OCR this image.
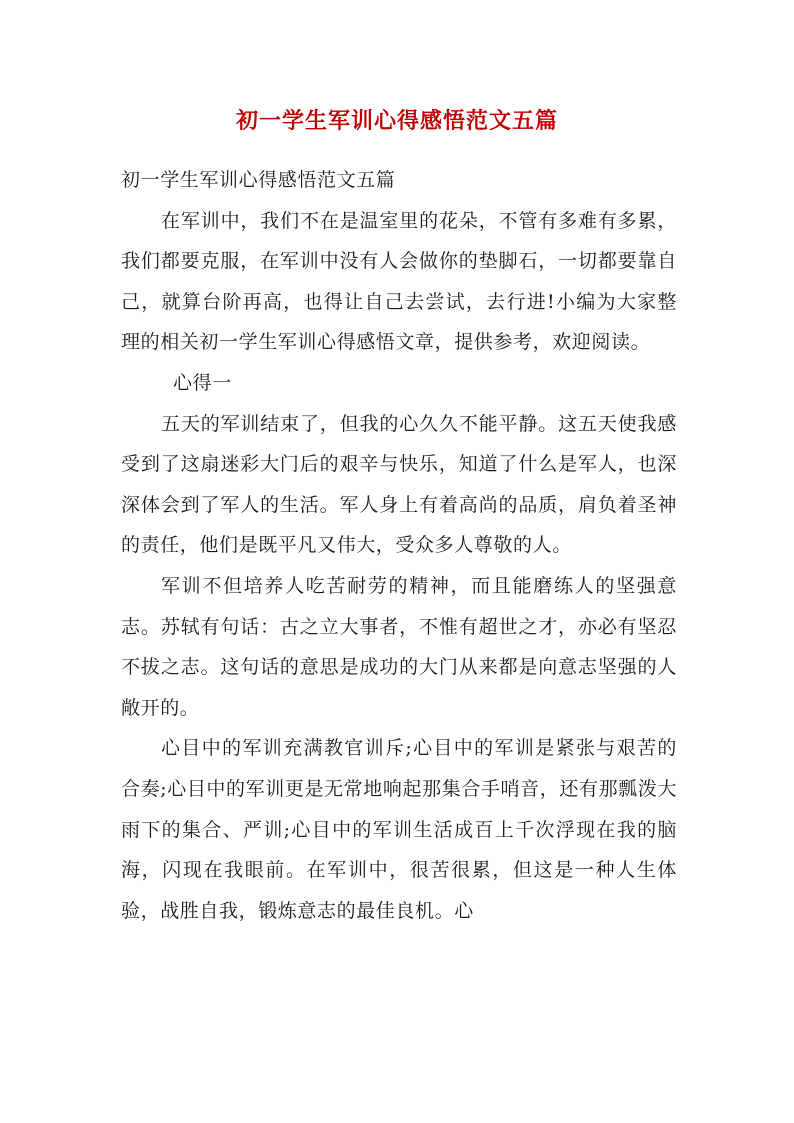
初一学生军训心得感悟范文五篇

初一学生军训心得感悟范文五篇

在军训中，我们不在是温室里的花朵，不管有多难有多累，我们都要克服，在军训中没有人会做你的垫脚石，一切都要靠自己，就算台阶再高，也得让自己去尝试，去行进!小编为大家整理的相关初一学生军训心得感悟文章，提供参考，欢迎阅读。

心得一

五天的军训结束了，但我的心久久不能平静。这五天使我感受到了这扇迷彩大门后的艰辛与快乐，知道了什么是军人，也深深体会到了军人的生活。军人身上有着高尚的品质，肩负着圣神的责任，他们是既平凡又伟大，受众多人尊敬的人。

军训不但培养人吃苦耐劳的精神，而且能磨练人的坚强意志。苏轼有句话：古之立大事者，不惟有超世之才，亦必有坚忍不拔之志。这句话的意思是成功的大门从来都是向意志坚强的人敞开的。

心目中的军训充满教官训斥;心目中的军训是紧张与艰苦的合奏;心目中的军训更是无常地响起那集合手哨音，还有那瓢泼大雨下的集合、严训;心目中的军训生活成百上千次浮现在我的脑海，闪现在我眼前。在军训中，很苦很累，但这是一种人生体验，战胜自我，锻炼意志的最佳良机。心
